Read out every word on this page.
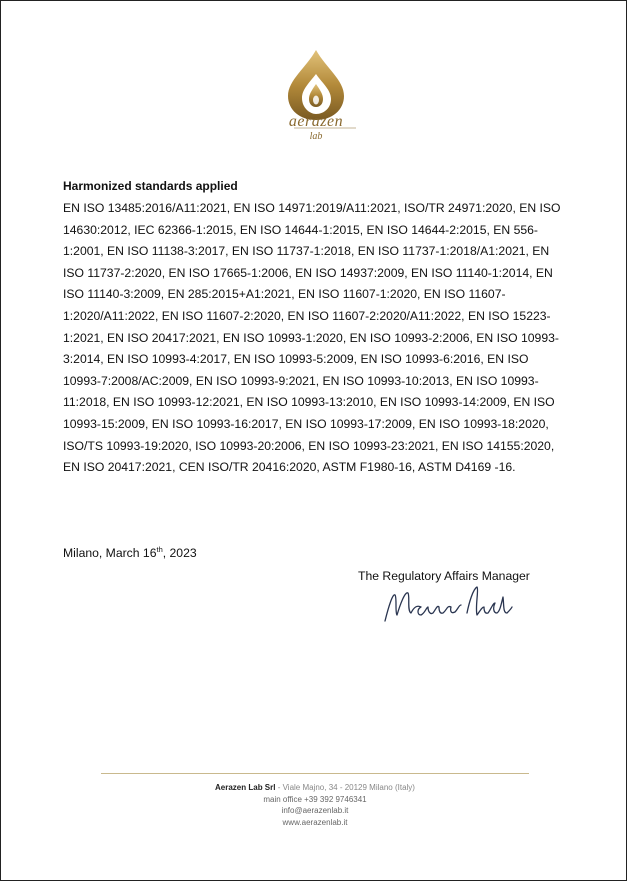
aerazen
lab
Harmonized standards applied
EN ISO 13485:2016/A11:2021, EN ISO 14971:2019/A11:2021, ISO/TR 24971:2020, EN ISO 14630:2012, IEC 62366-1:2015, EN ISO 14644-1:2015, EN ISO 14644-2:2015, EN 556-1:2001, EN ISO 11138-3:2017, EN ISO 11737-1:2018, EN ISO 11737-1:2018/A1:2021, EN ISO 11737-2:2020, EN ISO 17665-1:2006, EN ISO 14937:2009, EN ISO 11140-1:2014, EN ISO 11140-3:2009, EN 285:2015+A1:2021, EN ISO 11607-1:2020, EN ISO 11607-1:2020/A11:2022, EN ISO 11607-2:2020, EN ISO 11607-2:2020/A11:2022, EN ISO 15223-1:2021, EN ISO 20417:2021, EN ISO 10993-1:2020, EN ISO 10993-2:2006, EN ISO 10993-3:2014, EN ISO 10993-4:2017, EN ISO 10993-5:2009, EN ISO 10993-6:2016, EN ISO 10993-7:2008/AC:2009, EN ISO 10993-9:2021, EN ISO 10993-10:2013, EN ISO 10993-11:2018, EN ISO 10993-12:2021, EN ISO 10993-13:2010, EN ISO 10993-14:2009, EN ISO 10993-15:2009, EN ISO 10993-16:2017, EN ISO 10993-17:2009, EN ISO 10993-18:2020, ISO/TS 10993-19:2020, ISO 10993-20:2006, EN ISO 10993-23:2021, EN ISO 14155:2020, EN ISO 20417:2021, CEN ISO/TR 20416:2020, ASTM F1980-16, ASTM D4169 -16.
Milano, March 16th, 2023
The Regulatory Affairs Manager
Aerazen Lab Srl - Viale Majno, 34 - 20129 Milano (Italy)
main office +39 392 9746341
info@aerazenlab.it
www.aerazenlab.it
